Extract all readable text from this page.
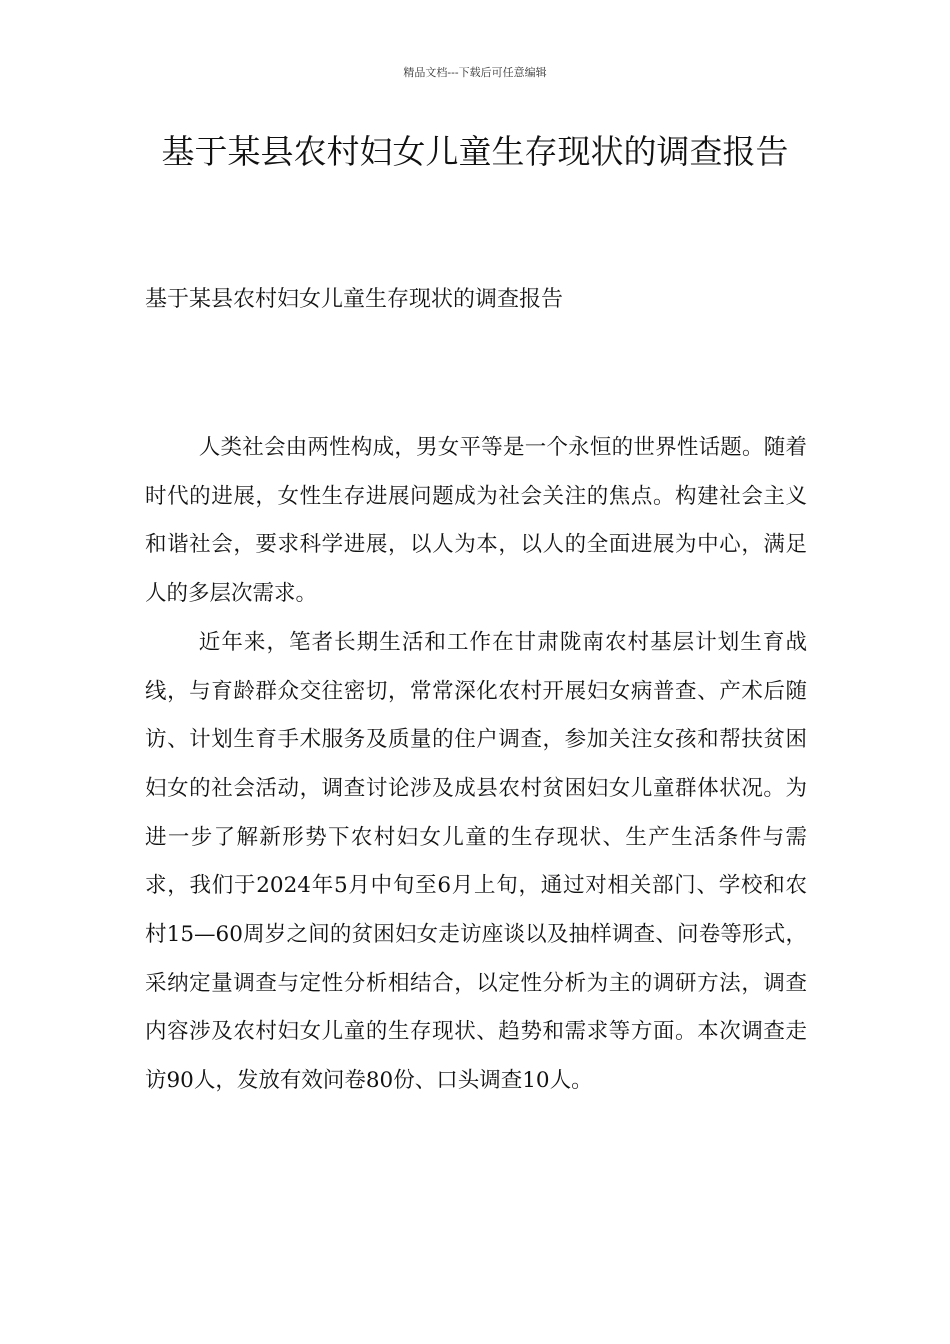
精品文档---下载后可任意编辑
基于某县农村妇女儿童生存现状的调查报告

基于某县农村妇女儿童生存现状的调查报告

人类社会由两性构成，男女平等是一个永恒的世界性话题。随着时代的进展，女性生存进展问题成为社会关注的焦点。构建社会主义和谐社会，要求科学进展，以人为本，以人的全面进展为中心，满足人的多层次需求。

近年来，笔者长期生活和工作在甘肃陇南农村基层计划生育战线，与育龄群众交往密切，常常深化农村开展妇女病普查、产术后随访、计划生育手术服务及质量的住户调查，参加关注女孩和帮扶贫困妇女的社会活动，调查讨论涉及成县农村贫困妇女儿童群体状况。为进一步了解新形势下农村妇女儿童的生存现状、生产生活条件与需求，我们于2024年5月中旬至6月上旬，通过对相关部门、学校和农村15—60周岁之间的贫困妇女走访座谈以及抽样调查、问卷等形式，采纳定量调查与定性分析相结合，以定性分析为主的调研方法，调查内容涉及农村妇女儿童的生存现状、趋势和需求等方面。本次调查走访90人，发放有效问卷80份、口头调查10人。
